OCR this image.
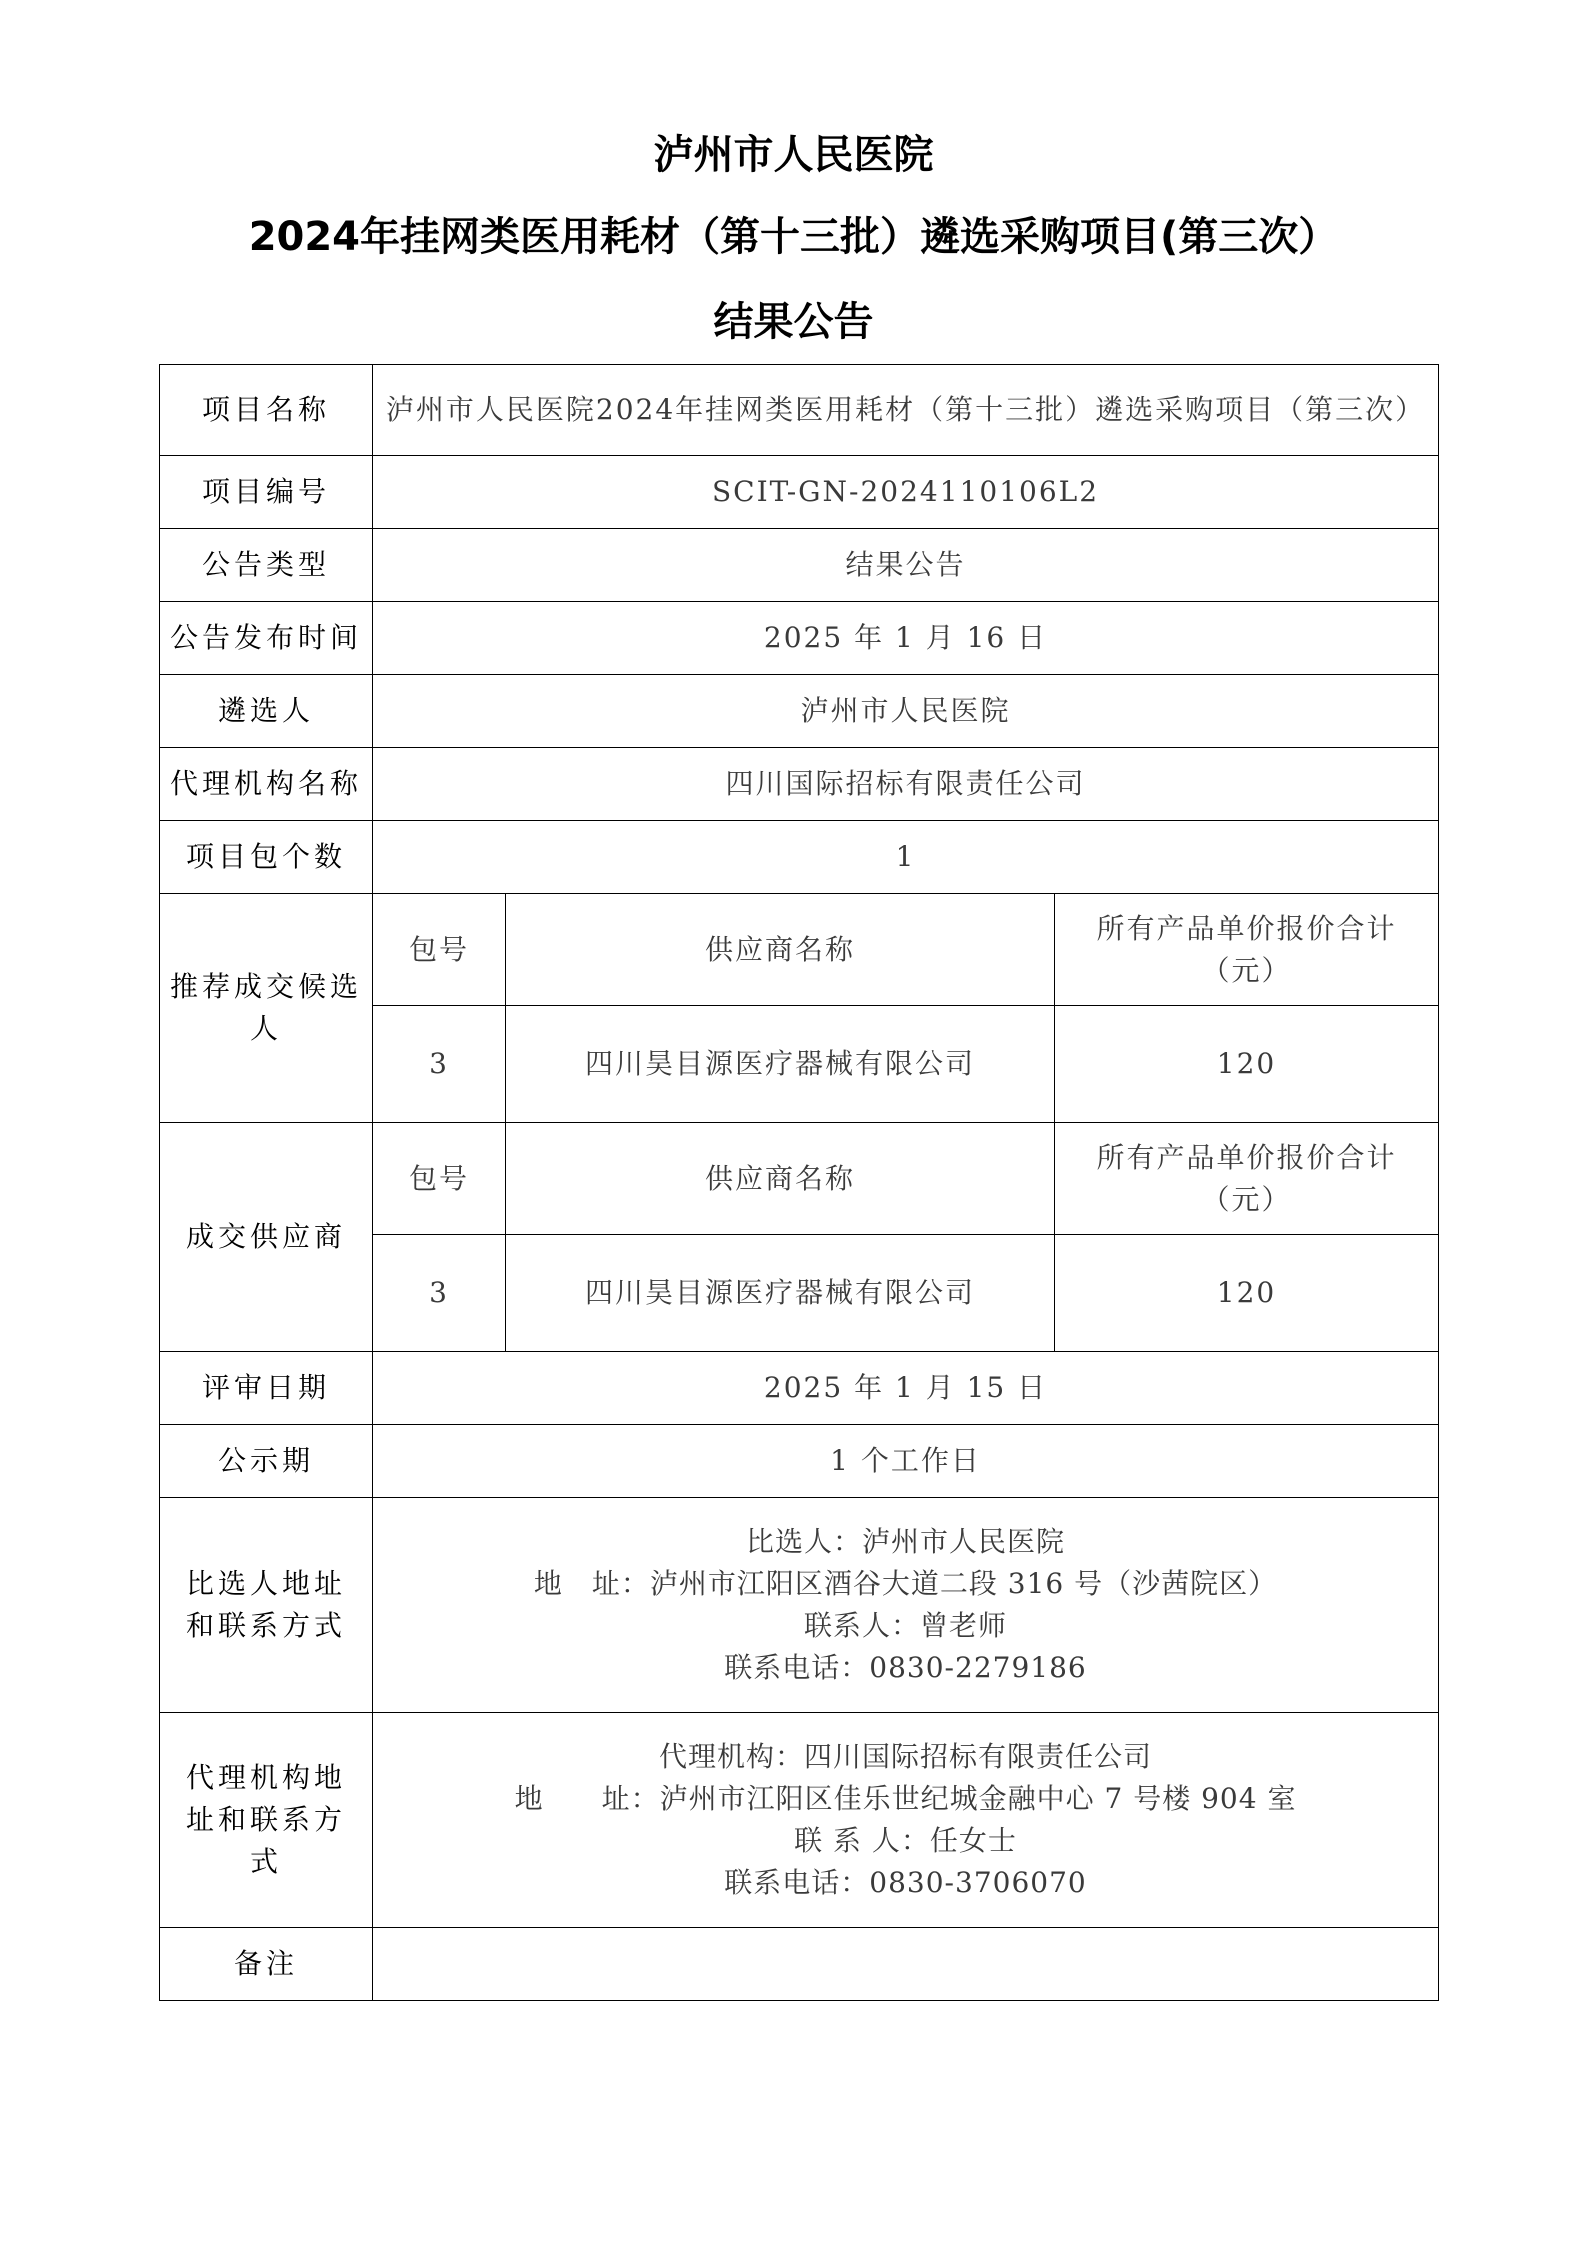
泸州市人民医院
2024年挂网类医用耗材（第十三批）遴选采购项目(第三次）
结果公告
项目名称	泸州市人民医院2024年挂网类医用耗材（第十三批）遴选采购项目（第三次）		

项目编号	SCIT-GN-2024110106L2		
公告类型	结果公告		
公告发布时间	2025 年 1 月 16 日		
遴选人	泸州市人民医院		
代理机构名称	四川国际招标有限责任公司		
项目包个数	1		
推荐成交候选人	包号	供应商名称	所有产品单价报价合计（元）
	3	四川昊目源医疗器械有限公司	120
成交供应商	包号	供应商名称	所有产品单价报价合计（元）
	3	四川昊目源医疗器械有限公司	120
评审日期	2025 年 1 月 15 日		
公示期	1 个工作日		
比选人地址和联系方式	比选人：泸州市人民医院
地　址：泸州市江阳区酒谷大道二段 316 号（沙茜院区）
联系人：曾老师
联系电话：0830-2279186		

代理机构地址和联系方式	代理机构：四川国际招标有限责任公司
地　　址：泸州市江阳区佳乐世纪城金融中心 7 号楼 904 室
联 系 人：任女士
联系电话：0830-3706070		

备注			
